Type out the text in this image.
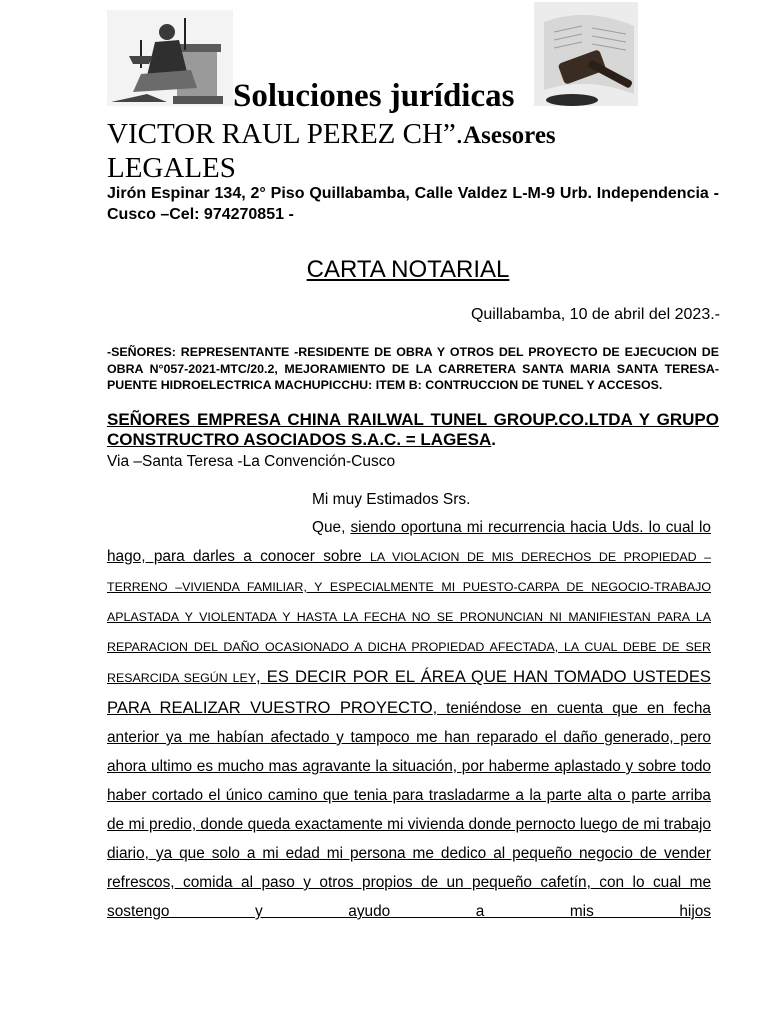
Soluciones jurídicas
VICTOR RAUL PEREZ CH”.Asesores
LEGALES
Jirón Espinar 134, 2° Piso Quillabamba, Calle Valdez L-M-9 Urb. Independencia -Cusco –Cel: 974270851 -
CARTA NOTARIAL
Quillabamba, 10 de abril del 2023.-
-SEÑORES: REPRESENTANTE -RESIDENTE DE OBRA Y OTROS DEL PROYECTO DE EJECUCION DE OBRA N°057-2021-MTC/20.2, MEJORAMIENTO DE LA CARRETERA SANTA MARIA SANTA TERESA-PUENTE HIDROELECTRICA MACHUPICCHU: ITEM B: CONTRUCCION DE TUNEL Y ACCESOS.
SEÑORES EMPRESA CHINA RAILWAL TUNEL GROUP.CO.LTDA Y GRUPO CONSTRUCTRO ASOCIADOS S.A.C. = LAGESA.
Via –Santa Teresa -La Convención-Cusco
Mi muy Estimados Srs.
Que, siendo oportuna mi recurrencia hacia Uds. lo cual lo hago, para darles a conocer sobre LA VIOLACION DE MIS DERECHOS DE PROPIEDAD –TERRENO –VIVIENDA FAMILIAR, Y ESPECIALMENTE MI PUESTO-CARPA DE NEGOCIO-TRABAJO APLASTADA Y VIOLENTADA Y HASTA LA FECHA NO SE PRONUNCIAN NI MANIFIESTAN PARA LA REPARACION DEL DAÑO OCASIONADO A DICHA PROPIEDAD AFECTADA, LA CUAL DEBE DE SER RESARCIDA SEGÚN LEY, ES DECIR POR EL ÁREA QUE HAN TOMADO USTEDES PARA REALIZAR VUESTRO PROYECTO, teniéndose en cuenta que en fecha anterior ya me habían afectado y tampoco me han reparado el daño generado, pero ahora ultimo es mucho mas agravante la situación, por haberme aplastado y sobre todo haber cortado el único camino que tenia para trasladarme a la parte alta o parte arriba de mi predio, donde queda exactamente mi vivienda donde pernocto luego de mi trabajo diario, ya que solo a mi edad mi persona me dedico al pequeño negocio de vender refrescos, comida al paso y otros propios de un pequeño cafetín, con lo cual me sostengo y ayudo a mis hijos
